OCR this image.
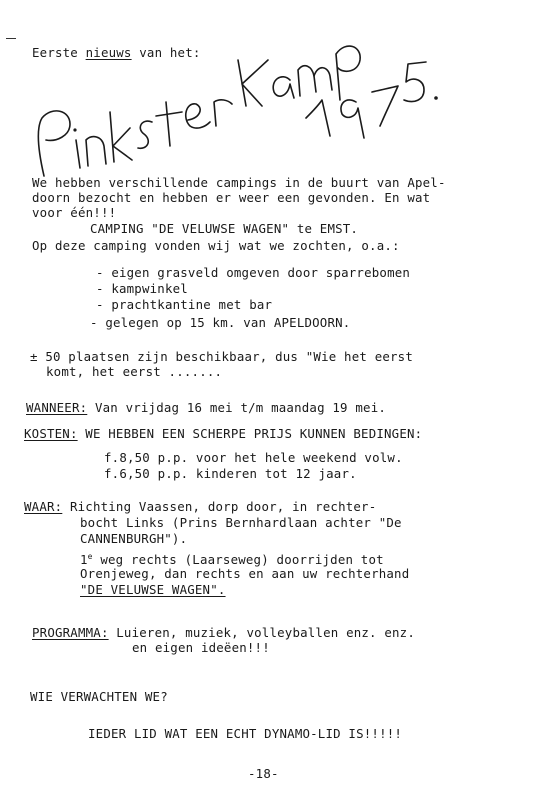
Eerste nieuws van het:
We hebben verschillende campings in de buurt van Apel-
doorn bezocht en hebben er weer een gevonden. En wat
voor één!!!
CAMPING "DE VELUWSE WAGEN" te EMST.
Op deze camping vonden wij wat we zochten, o.a.:
- eigen grasveld omgeven door sparrebomen
- kampwinkel
- prachtkantine met bar
- gelegen op 15 km. van APELDOORN.
± 50 plaatsen zijn beschikbaar, dus "Wie het eerst
komt, het eerst .......
WANNEER: Van vrijdag 16 mei t/m maandag 19 mei.
KOSTEN: WE HEBBEN EEN SCHERPE PRIJS KUNNEN BEDINGEN:
f.8,50 p.p. voor het hele weekend volw.
f.6,50 p.p. kinderen tot 12 jaar.
WAAR: Richting Vaassen, dorp door, in rechter-
bocht Links (Prins Bernhardlaan achter "De
CANNENBURGH").
1e weg rechts (Laarseweg) doorrijden tot
Orenjeweg, dan rechts en aan uw rechterhand
"DE VELUWSE WAGEN".
PROGRAMMA: Luieren, muziek, volleyballen enz. enz.
en eigen ideëen!!!
WIE VERWACHTEN WE?
IEDER LID WAT EEN ECHT DYNAMO-LID IS!!!!!
-18-
